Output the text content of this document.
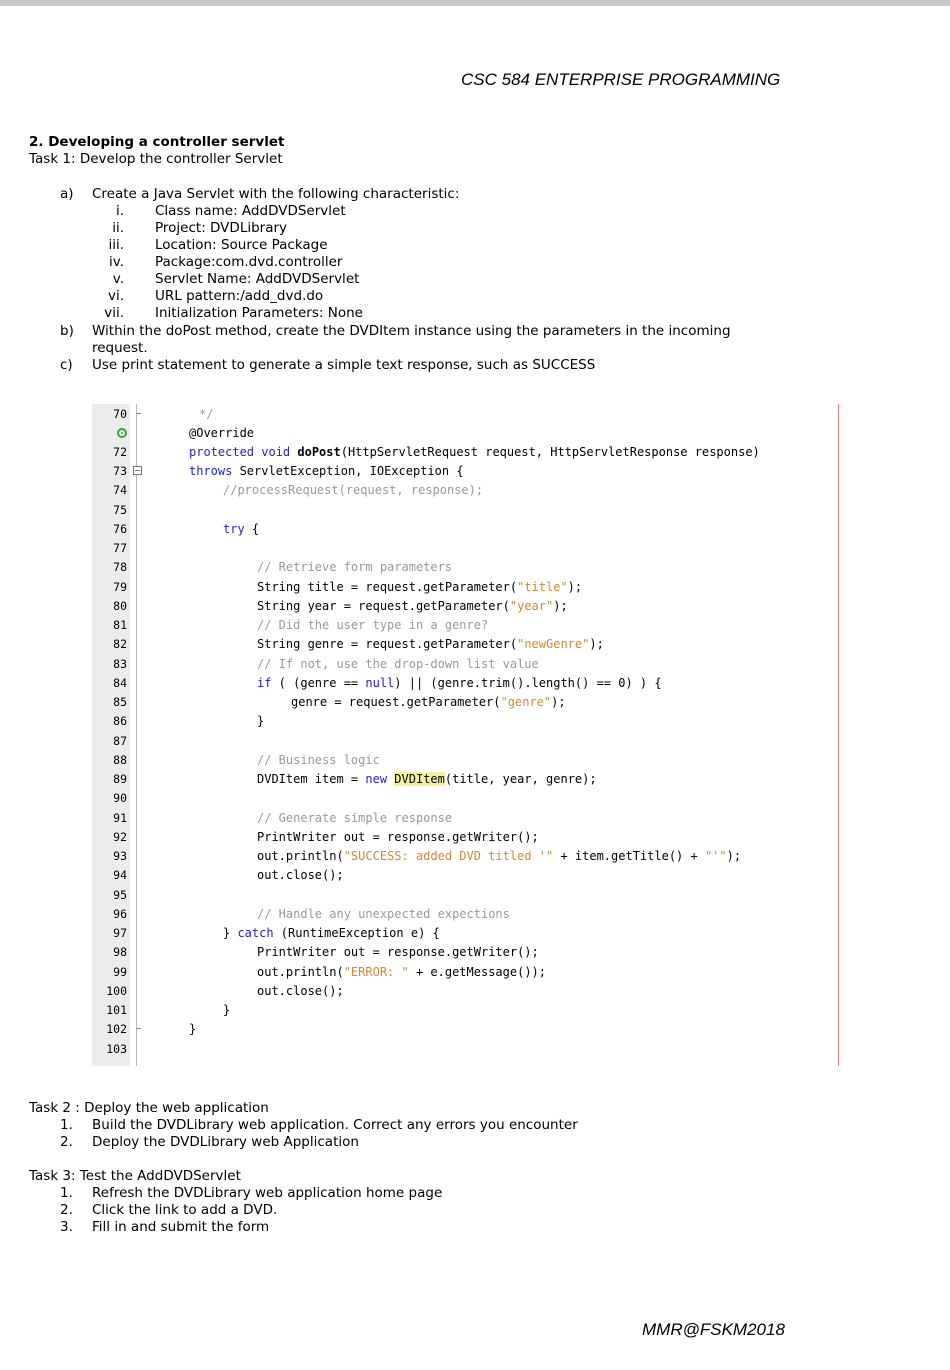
CSC 584 ENTERPRISE PROGRAMMING
2. Developing a controller servlet
Task 1: Develop the controller Servlet
a) Create a Java Servlet with the following characteristic:
i. Class name: AddDVDServlet
ii. Project: DVDLibrary
iii. Location: Source Package
iv. Package:com.dvd.controller
v. Servlet Name: AddDVDServlet
vi. URL pattern:/add_dvd.do
vii. Initialization Parameters: None
b) Within the doPost method, create the DVDItem instance using the parameters in the incoming
request.
c) Use print statement to generate a simple text response, such as SUCCESS
70
72
73
74
75
76
77
78
79
80
81
82
83
84
85
86
87
88
89
90
91
92
93
94
95
96
97
98
99
100
101
102
103
*/
@Override
protected void doPost(HttpServletRequest request, HttpServletResponse response)
throws ServletException, IOException {
//processRequest(request, response);
try {
// Retrieve form parameters
String title = request.getParameter("title");
String year = request.getParameter("year");
// Did the user type in a genre?
String genre = request.getParameter("newGenre");
// If not, use the drop-down list value
if ( (genre == null) || (genre.trim().length() == 0) ) {
genre = request.getParameter("genre");
}
// Business logic
DVDItem item = new DVDItem(title, year, genre);
// Generate simple response
PrintWriter out = response.getWriter();
out.println("SUCCESS: added DVD titled '" + item.getTitle() + "'");
out.close();
// Handle any unexpected expections
} catch (RuntimeException e) {
PrintWriter out = response.getWriter();
out.println("ERROR: " + e.getMessage());
out.close();
}
}
Task 2 : Deploy the web application
1. Build the DVDLibrary web application. Correct any errors you encounter
2. Deploy the DVDLibrary web Application
Task 3: Test the AddDVDServlet
1. Refresh the DVDLibrary web application home page
2. Click the link to add a DVD.
3. Fill in and submit the form
MMR@FSKM2018
